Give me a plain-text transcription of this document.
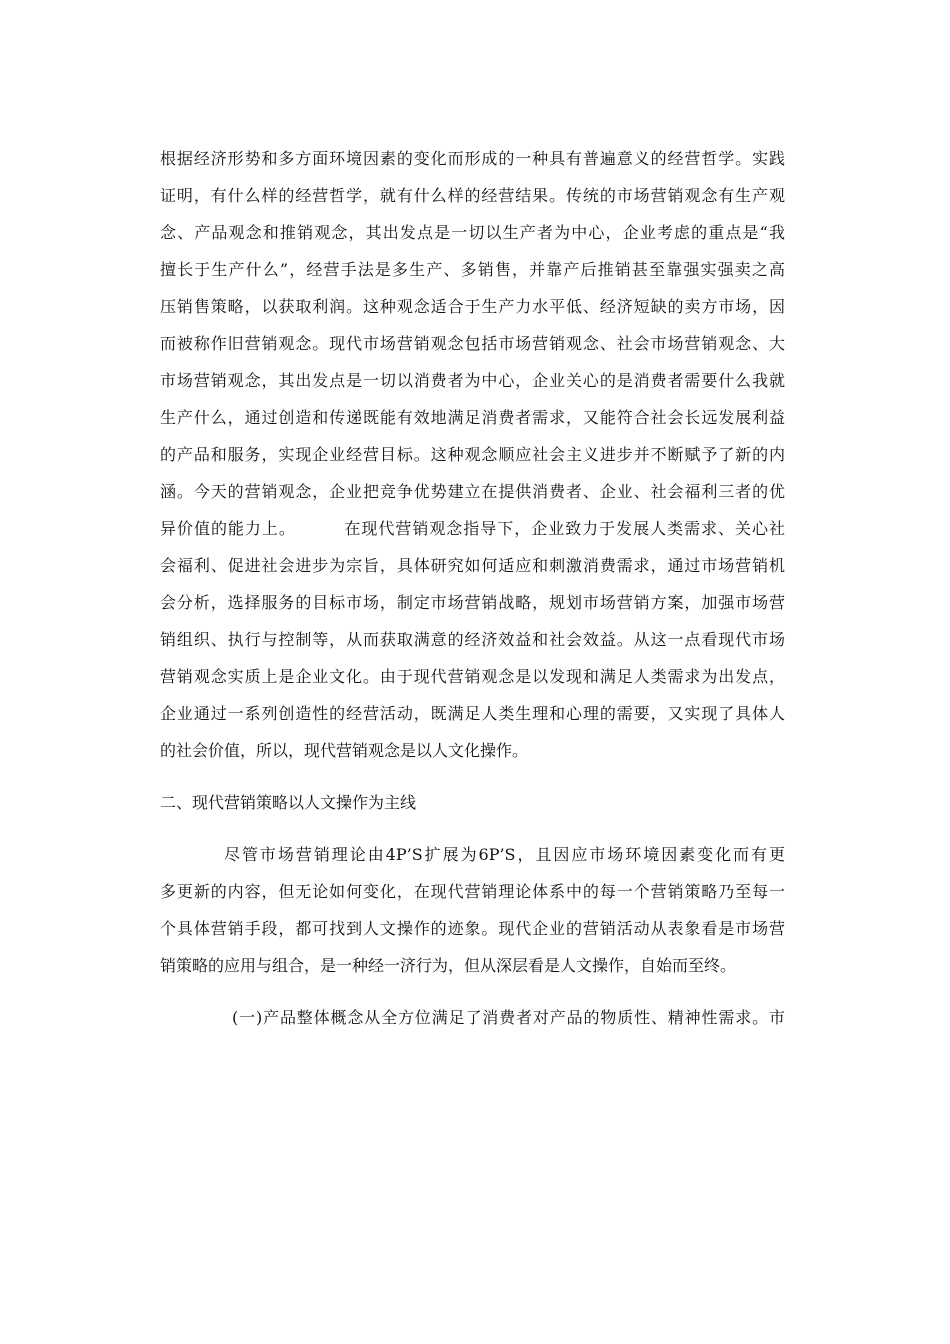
根据经济形势和多方面环境因素的变化而形成的一种具有普遍意义的经营哲学。实践
证明，有什么样的经营哲学，就有什么样的经营结果。传统的市场营销观念有生产观
念、产品观念和推销观念，其出发点是一切以生产者为中心，企业考虑的重点是“我
擅长于生产什么”，经营手法是多生产、多销售，并靠产后推销甚至靠强实强卖之高
压销售策略，以获取利润。这种观念适合于生产力水平低、经济短缺的卖方市场，因
而被称作旧营销观念。现代市场营销观念包括市场营销观念、社会市场营销观念、大
市场营销观念，其出发点是一切以消费者为中心，企业关心的是消费者需要什么我就
生产什么，通过创造和传递既能有效地满足消费者需求，又能符合社会长远发展利益
的产品和服务，实现企业经营目标。这种观念顺应社会主义进步并不断赋予了新的内
涵。今天的营销观念，企业把竞争优势建立在提供消费者、企业、社会福利三者的优
异价值的能力上。        在现代营销观念指导下，企业致力于发展人类需求、关心社
会福利、促进社会进步为宗旨，具体研究如何适应和刺激消费需求，通过市场营销机
会分析，选择服务的目标市场，制定市场营销战略，规划市场营销方案，加强市场营
销组织、执行与控制等，从而获取满意的经济效益和社会效益。从这一点看现代市场
营销观念实质上是企业文化。由于现代营销观念是以发现和满足人类需求为出发点，
企业通过一系列创造性的经营活动，既满足人类生理和心理的需要，又实现了具体人
的社会价值，所以，现代营销观念是以人文化操作。
二、现代营销策略以人文操作为主线
尽管市场营销理论由4P’S扩展为6P’S，且因应市场环境因素变化而有更
多更新的内容，但无论如何变化，在现代营销理论体系中的每一个营销策略乃至每一
个具体营销手段，都可找到人文操作的迹象。现代企业的营销活动从表象看是市场营
销策略的应用与组合，是一种经一济行为，但从深层看是人文操作，自始而至终。
(一)产品整体概念从全方位满足了消费者对产品的物质性、精神性需求。市
